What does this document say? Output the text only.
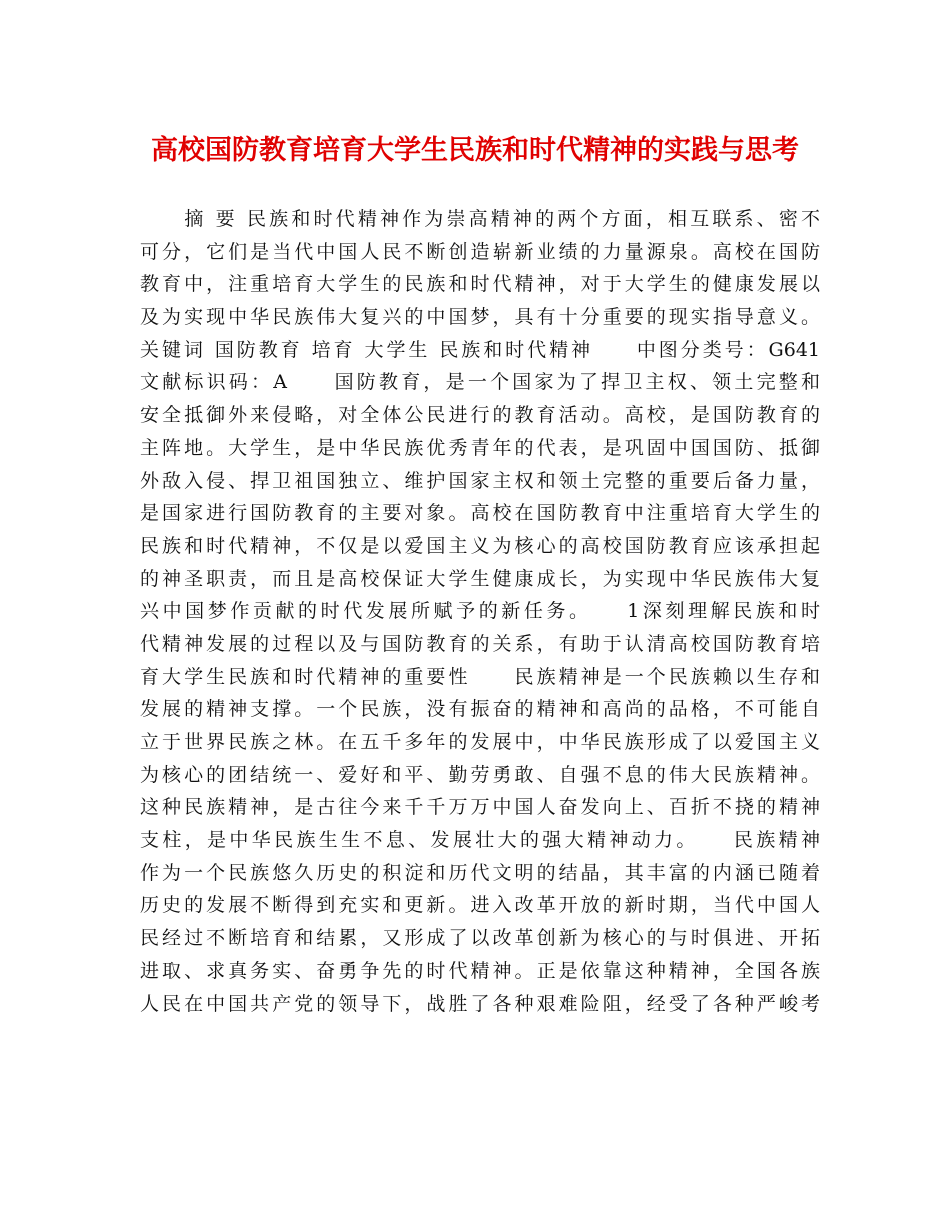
高校国防教育培育大学生民族和时代精神的实践与思考
　　摘 要 民族和时代精神作为崇高精神的两个方面，相互联系、密不
可分，它们是当代中国人民不断创造崭新业绩的力量源泉。高校在国防
教育中，注重培育大学生的民族和时代精神，对于大学生的健康发展以
及为实现中华民族伟大复兴的中国梦，具有十分重要的现实指导意义。
关键词 国防教育 培育 大学生 民族和时代精神　　中图分类号：G641
文献标识码：A　　国防教育，是一个国家为了捍卫主权、领土完整和
安全抵御外来侵略，对全体公民进行的教育活动。高校，是国防教育的
主阵地。大学生，是中华民族优秀青年的代表，是巩固中国国防、抵御
外敌入侵、捍卫祖国独立、维护国家主权和领土完整的重要后备力量，
是国家进行国防教育的主要对象。高校在国防教育中注重培育大学生的
民族和时代精神，不仅是以爱国主义为核心的高校国防教育应该承担起
的神圣职责，而且是高校保证大学生健康成长，为实现中华民族伟大复
兴中国梦作贡献的时代发展所赋予的新任务。　　1深刻理解民族和时
代精神发展的过程以及与国防教育的关系，有助于认清高校国防教育培
育大学生民族和时代精神的重要性　　民族精神是一个民族赖以生存和
发展的精神支撑。一个民族，没有振奋的精神和高尚的品格，不可能自
立于世界民族之林。在五千多年的发展中，中华民族形成了以爱国主义
为核心的团结统一、爱好和平、勤劳勇敢、自强不息的伟大民族精神。
这种民族精神，是古往今来千千万万中国人奋发向上、百折不挠的精神
支柱，是中华民族生生不息、发展壮大的强大精神动力。　　民族精神
作为一个民族悠久历史的积淀和历代文明的结晶，其丰富的内涵已随着
历史的发展不断得到充实和更新。进入改革开放的新时期，当代中国人
民经过不断培育和结累，又形成了以改革创新为核心的与时俱进、开拓
进取、求真务实、奋勇争先的时代精神。正是依靠这种精神，全国各族
人民在中国共产党的领导下，战胜了各种艰难险阻，经受了各种严峻考
